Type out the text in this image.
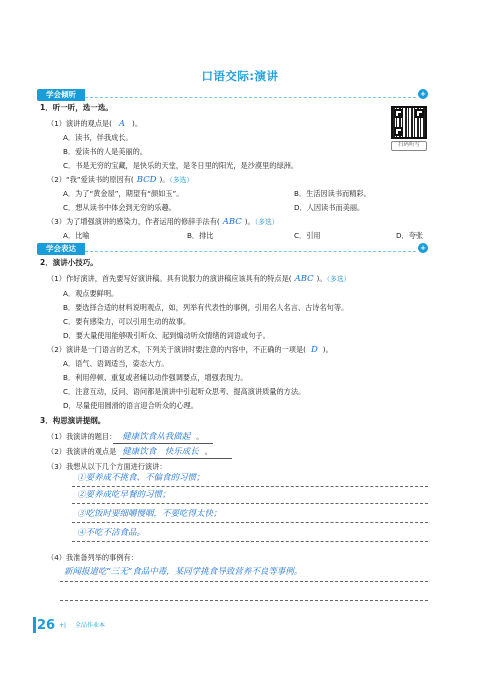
口语交际:演讲
扫码听写
学会倾听	+
1．听一听，选一选。
（1）演讲的观点是( A )。
A．读书，伴我成长。
B．爱读书的人是美丽的。
C．书是无穷的宝藏，是快乐的天堂，是冬日里的阳光，是沙漠里的绿洲。
（2）“我”爱读书的原因有( BCD )。（多选）
A．为了“黄金屋”，期望有“颜如玉”。	B．生活因读书而精彩。
C．想从读书中体会到无穷的乐趣。	D．人因读书而美丽。
（3）为了增强演讲的感染力，作者运用的修辞手法有( ABC )。（多选）
A．比喻	B．排比	C．引用	D．夸张
学会表达	+
2．演讲小技巧。
（1）作好演讲，首先要写好演讲稿。具有说服力的演讲稿应该具有的特点是( ABC )。（多选）
A．观点要鲜明。
B．要选择合适的材料说明观点，如，列举有代表性的事例，引用名人名言、古诗名句等。
C．要有感染力，可以引用生动的故事。
D．要大量使用能够吸引听众、起到煽动听众情绪的词语或句子。
（2）演讲是一门语言的艺术，下列关于演讲时要注意的内容中，不正确的一项是( D )。
A．语气、语调适当，姿态大方。
B．利用停顿、重复或者辅以动作强调要点，增强表现力。
C．注意互动，反问、语问都是演讲中引起听众思考、提高演讲质量的方法。
D．尽量使用圆滑的语言迎合听众的心理。
3．构思演讲提纲。
（1）我演讲的题目： 健康饮食从我做起 。
（2）我演讲的观点是 健康饮食　快乐成长 。
（3）我想从以下几个方面进行演讲：
①要养成不挑食、不偏食的习惯；
②要养成吃早餐的习惯；
③吃饭时要细嚼慢咽，不要吃得太快；
④不吃不洁食品。
（4）我准备列举的事例有：
新闻报道吃“三无”食品中毒，某同学挑食导致营养不良等事例。
26 +| 全品作业本
